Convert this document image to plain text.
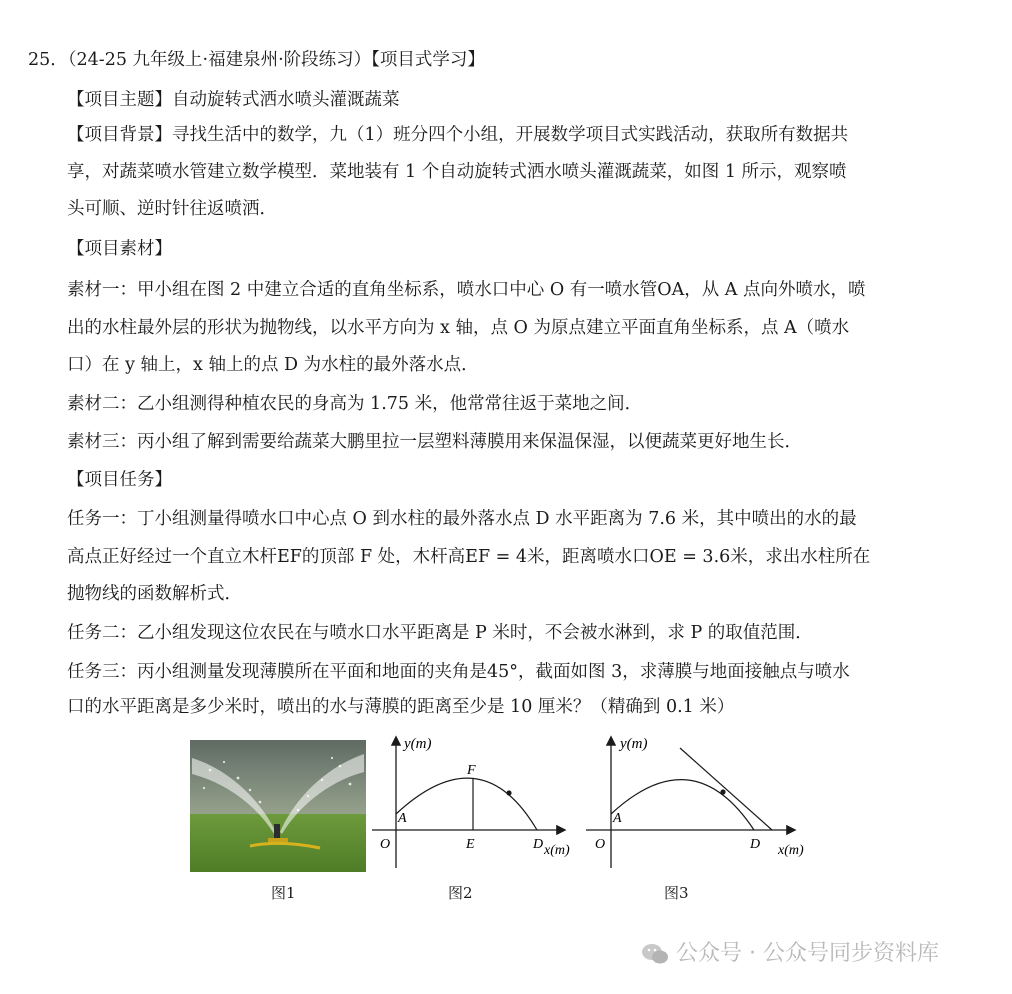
25．（24-25 九年级上·福建泉州·阶段练习）【项目式学习】
【项目主题】自动旋转式洒水喷头灌溉蔬菜
【项目背景】寻找生活中的数学，九（1）班分四个小组，开展数学项目式实践活动，获取所有数据共
享，对蔬菜喷水管建立数学模型．菜地装有 1 个自动旋转式洒水喷头灌溉蔬菜，如图 1 所示，观察喷
头可顺、逆时针往返喷洒．
【项目素材】
素材一：甲小组在图 2 中建立合适的直角坐标系，喷水口中心 O 有一喷水管OA，从 A 点向外喷水，喷
出的水柱最外层的形状为抛物线，以水平方向为 x 轴，点 O 为原点建立平面直角坐标系，点 A（喷水
口）在 y 轴上，x 轴上的点 D 为水柱的最外落水点．
素材二：乙小组测得种植农民的身高为 1.75 米，他常常往返于菜地之间．
素材三：丙小组了解到需要给蔬菜大鹏里拉一层塑料薄膜用来保温保湿，以便蔬菜更好地生长．
【项目任务】
任务一：丁小组测量得喷水口中心点 O 到水柱的最外落水点 D 水平距离为 7.6 米，其中喷出的水的最
高点正好经过一个直立木杆EF的顶部 F 处，木杆高EF = 4米，距离喷水口OE = 3.6米，求出水柱所在
抛物线的函数解析式．
任务二：乙小组发现这位农民在与喷水口水平距离是 P 米时，不会被水淋到，求 P 的取值范围．
任务三：丙小组测量发现薄膜所在平面和地面的夹角是45°，截面如图 3，求薄膜与地面接触点与喷水
口的水平距离是多少米时，喷出的水与薄膜的距离至少是 10 厘米？（精确到 0.1 米）
图1
y(m)
A
O
F
E	D x(m)
图2
y(m)
A
O	D x(m)
图3
公众号 · 公众号同步资料库
